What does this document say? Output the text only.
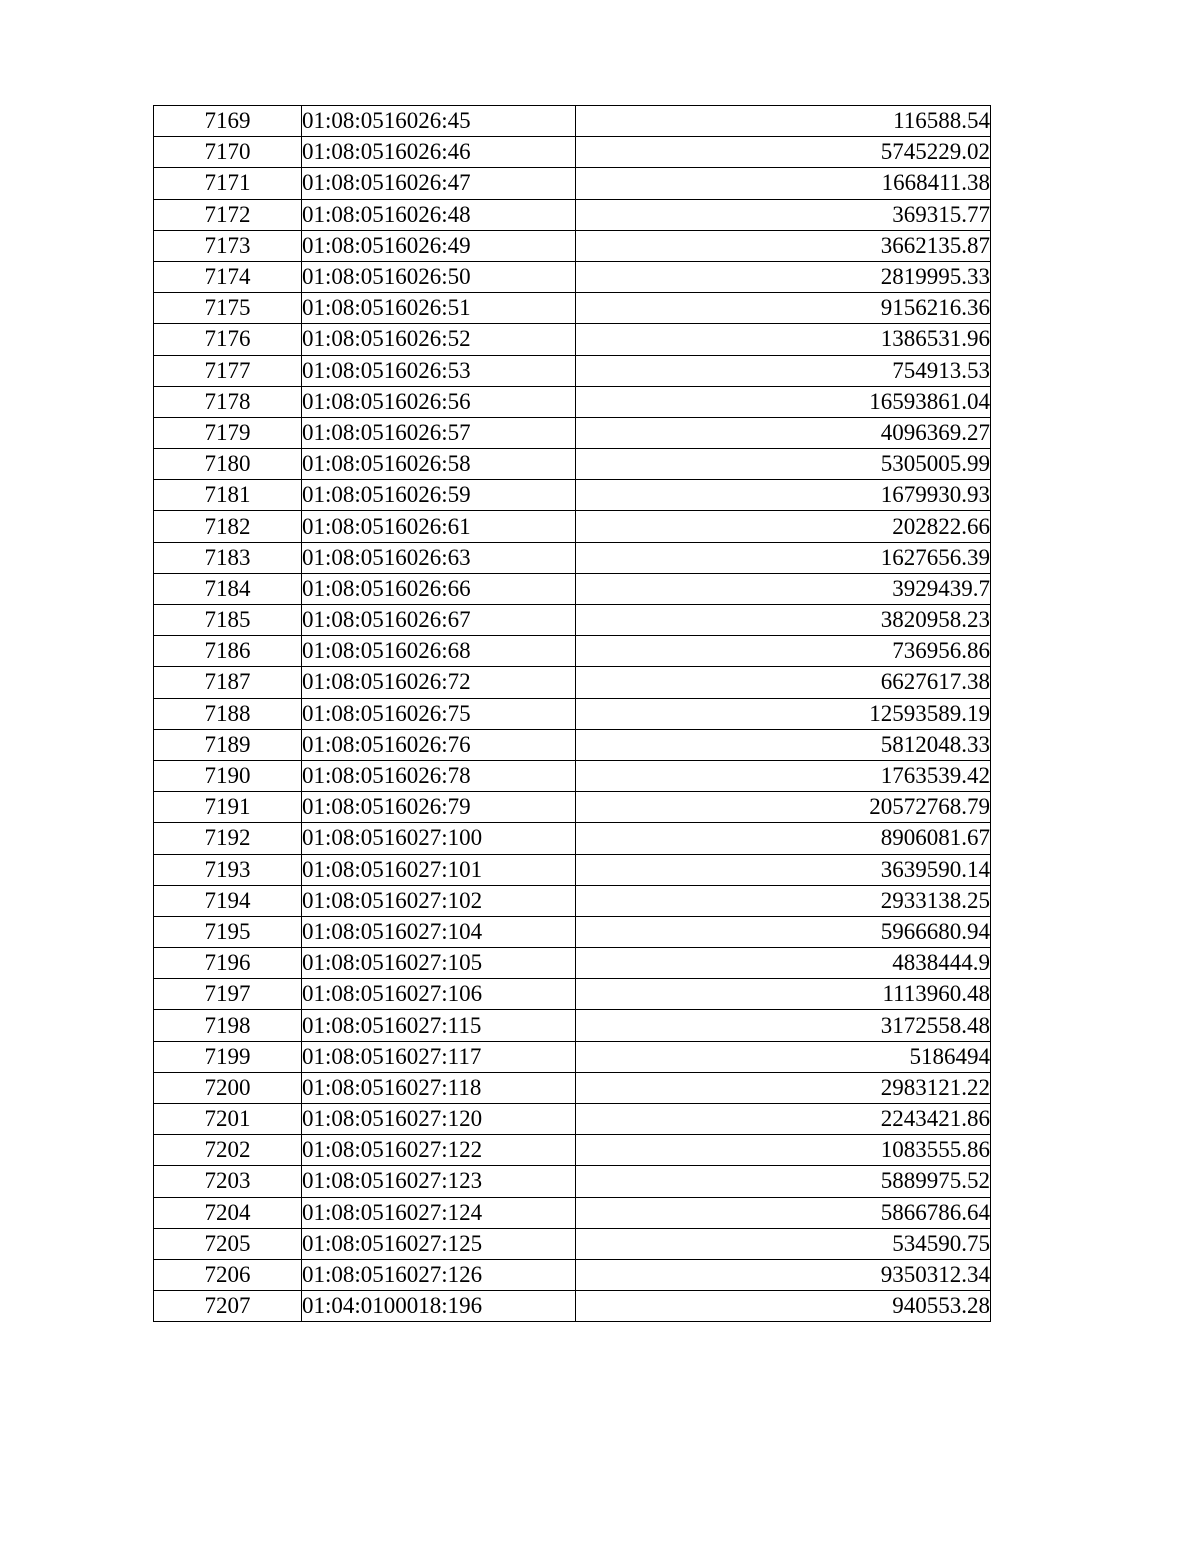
7169	01:08:0516026:45	116588.54
7170	01:08:0516026:46	5745229.02
7171	01:08:0516026:47	1668411.38
7172	01:08:0516026:48	369315.77
7173	01:08:0516026:49	3662135.87
7174	01:08:0516026:50	2819995.33
7175	01:08:0516026:51	9156216.36
7176	01:08:0516026:52	1386531.96
7177	01:08:0516026:53	754913.53
7178	01:08:0516026:56	16593861.04
7179	01:08:0516026:57	4096369.27
7180	01:08:0516026:58	5305005.99
7181	01:08:0516026:59	1679930.93
7182	01:08:0516026:61	202822.66
7183	01:08:0516026:63	1627656.39
7184	01:08:0516026:66	3929439.7
7185	01:08:0516026:67	3820958.23
7186	01:08:0516026:68	736956.86
7187	01:08:0516026:72	6627617.38
7188	01:08:0516026:75	12593589.19
7189	01:08:0516026:76	5812048.33
7190	01:08:0516026:78	1763539.42
7191	01:08:0516026:79	20572768.79
7192	01:08:0516027:100	8906081.67
7193	01:08:0516027:101	3639590.14
7194	01:08:0516027:102	2933138.25
7195	01:08:0516027:104	5966680.94
7196	01:08:0516027:105	4838444.9
7197	01:08:0516027:106	1113960.48
7198	01:08:0516027:115	3172558.48
7199	01:08:0516027:117	5186494
7200	01:08:0516027:118	2983121.22
7201	01:08:0516027:120	2243421.86
7202	01:08:0516027:122	1083555.86
7203	01:08:0516027:123	5889975.52
7204	01:08:0516027:124	5866786.64
7205	01:08:0516027:125	534590.75
7206	01:08:0516027:126	9350312.34
7207	01:04:0100018:196	940553.28
